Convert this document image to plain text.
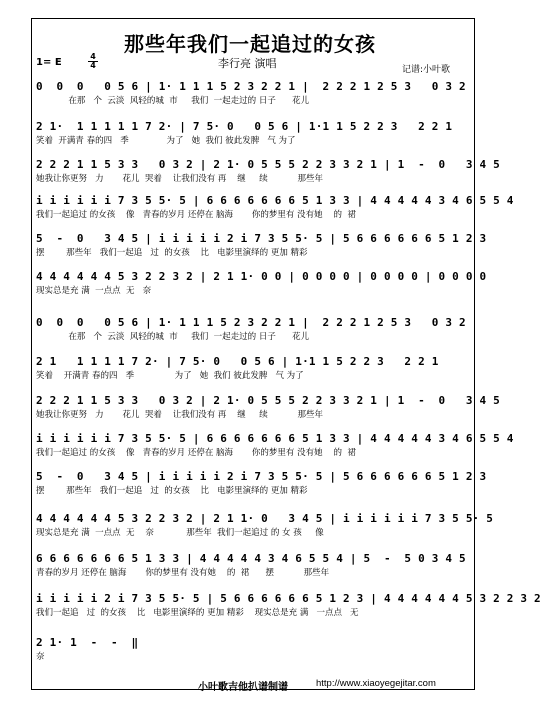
那些年我们一起追过的女孩
1= E
4
4	李行亮 演唱	记谱:小叶歌
0  0  0   0 5 6 | 1· 1 1 1 5 2 3 2 2 1 |  2 2 2 1 2 5 3   0 3 2
在那   个  云淡  风轻的城  市     我们  一起走过的 日子      花儿
2 1·  1 1 1 1 1 7 2· | 7 5· 0   0 5 6 | 1·1 1 5 2 2 3   2 2 1
笑着  开满青 春的四   季              为了   她  我们 彼此发脾   气 为了
2 2 2 1 1 5 3 3   0 3 2 | 2 1· 0 5 5 5 2 2 3 3 2 1 | 1  -  0   3 4 5
她我让你更努   力       花儿  哭着    让我们没有 再    继     续           那些年
i i i i i i 7 3 5 5· 5 | 6 6 6 6 6 6 6 5 1 3 3 | 4 4 4 4 4 3 4 6 5 5 4
我们一起追过 的女孩    像   青春的岁月 还停在 脑海       你的梦里有 没有她    的  裙
5  -  0   3 4 5 | i i i i i 2 i 7 3 5 5· 5 | 5 6 6 6 6 6 6 5 1 2 3
摆        那些年   我们一起追   过  的女孩    比   电影里演绎的 更加 精彩
4 4 4 4 4 4 5 3 2 2 3 2 | 2 1 1· 0 0 | 0 0 0 0 | 0 0 0 0 | 0 0 0 0
现实总是充 满  一点点  无   奈
0  0  0   0 5 6 | 1· 1 1 1 5 2 3 2 2 1 |  2 2 2 1 2 5 3   0 3 2
在那   个  云淡  风轻的城  市     我们  一起走过的 日子      花儿
2 1   1 1 1 1 7 2· | 7 5· 0   0 5 6 | 1·1 1 5 2 2 3   2 2 1
笑着    开满青 春的四   季               为了   她  我们 彼此发脾   气 为了
2 2 2 1 1 5 3 3   0 3 2 | 2 1· 0 5 5 5 2 2 3 3 2 1 | 1  -  0   3 4 5
她我让你更努   力       花儿  哭着    让我们没有 再    继     续           那些年
i i i i i i 7 3 5 5· 5 | 6 6 6 6 6 6 6 5 1 3 3 | 4 4 4 4 4 3 4 6 5 5 4
我们一起追过 的女孩    像   青春的岁月 还停在 脑海       你的梦里有 没有她    的  裙
5  -  0   3 4 5 | i i i i i 2 i 7 3 5 5· 5 | 5 6 6 6 6 6 6 5 1 2 3
摆        那些年   我们一起追   过  的女孩    比   电影里演绎的 更加 精彩
4 4 4 4 4 4 5 3 2 2 3 2 | 2 1 1· 0   3 4 5 | i i i i i i 7 3 5 5· 5
现实总是充 满  一点点  无    奈            那些年  我们一起追过 的 女 孩     像
6 6 6 6 6 6 6 5 1 3 3 | 4 4 4 4 4 3 4 6 5 5 4 | 5  -  5 0 3 4 5
青春的岁月 还停在 脑海       你的梦里有 没有她    的  裙      摆           那些年
i i i i i 2 i 7 3 5 5· 5 | 5 6 6 6 6 6 6 5 1 2 3 | 4 4 4 4 4 4 5 3 2 2 3 2
我们一起追   过  的女孩    比   电影里演绎的 更加 精彩    现实总是充 满   一点点   无
2 1· 1  -  -  ‖
奈
小叶歌吉他扒谱制谱	http://www.xiaoyegejitar.com
